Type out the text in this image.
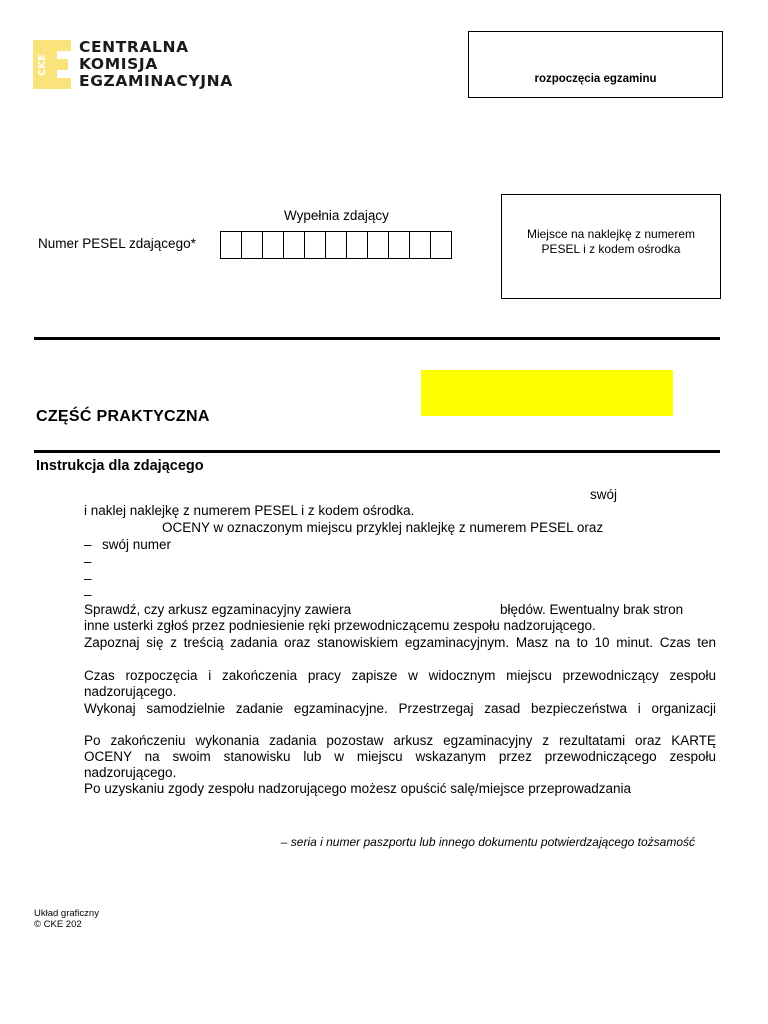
CKE
CENTRALNA
KOMISJA
EGZAMINACYJNA	rozpoczęcia egzaminu
Wypełnia zdający
Numer PESEL zdającego*
Miejsce na naklejkę z numerem PESEL i z kodem ośrodka
CZĘŚĆ PRAKTYCZNA
Instrukcja dla zdającego
swój
i naklej naklejkę z numerem PESEL i z kodem ośrodka.
OCENY w oznaczonym miejscu przyklej naklejkę z numerem PESEL oraz
– swój numer
–
–
–
Sprawdź, czy arkusz egzaminacyjny zawiera	błędów. Ewentualny brak stron
inne usterki zgłoś przez podniesienie ręki przewodniczącemu zespołu nadzorującego.
Zapoznaj się z treścią zadania oraz stanowiskiem egzaminacyjnym. Masz na to 10 minut. Czas ten
Czas rozpoczęcia i zakończenia pracy zapisze w widocznym miejscu przewodniczący zespołu
nadzorującego.
Wykonaj samodzielnie zadanie egzaminacyjne. Przestrzegaj zasad bezpieczeństwa i organizacji
Po zakończeniu wykonania zadania pozostaw arkusz egzaminacyjny z rezultatami oraz KARTĘ
OCENY na swoim stanowisku lub w miejscu wskazanym przez przewodniczącego zespołu
nadzorującego.
Po uzyskaniu zgody zespołu nadzorującego możesz opuścić salę/miejsce przeprowadzania
– seria i numer paszportu lub innego dokumentu potwierdzającego tożsamość
Układ graficzny
© CKE 202
